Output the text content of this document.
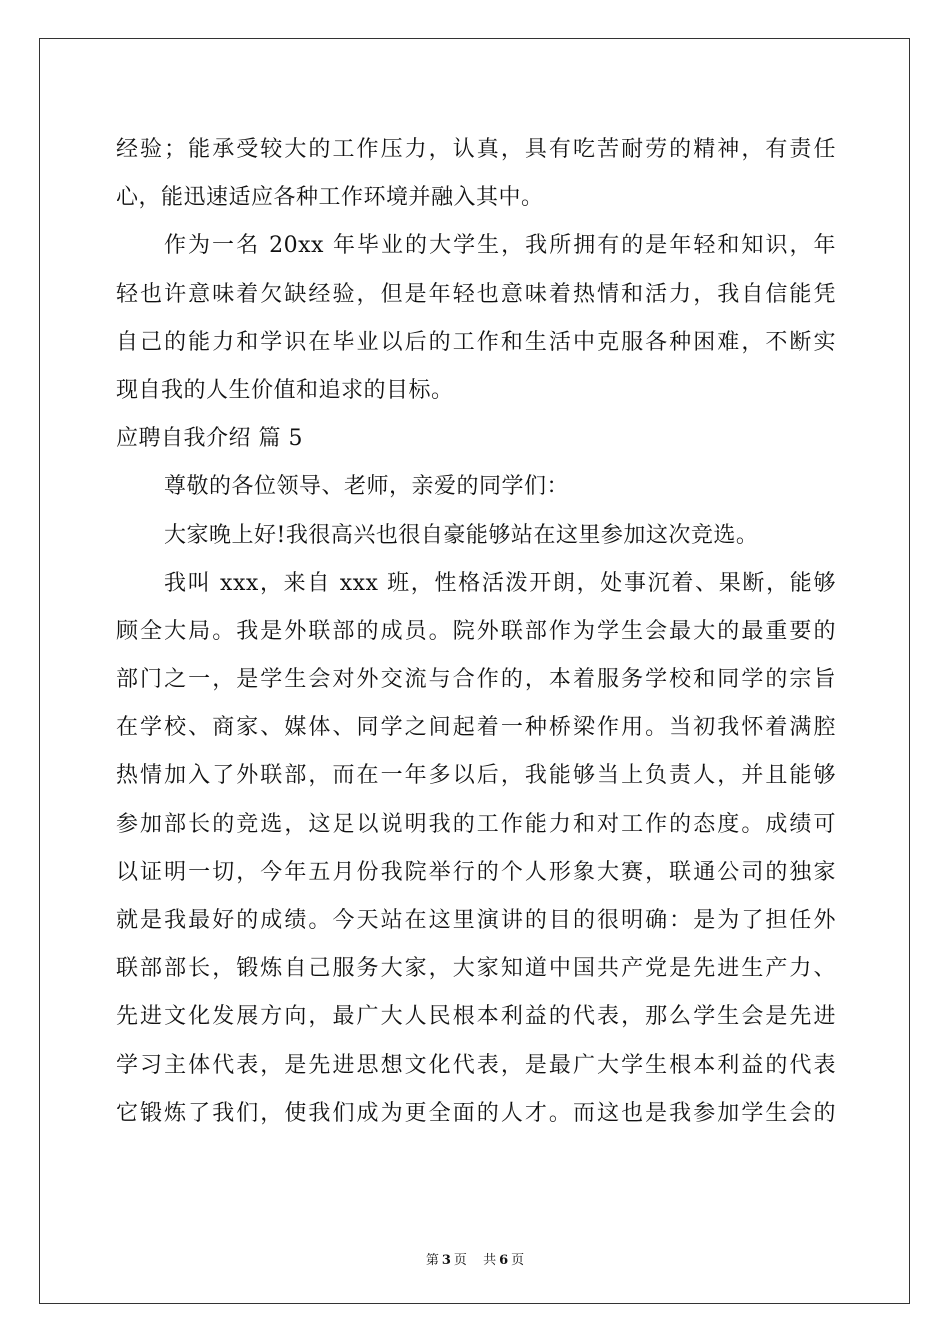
经验；能承受较大的工作压力，认真，具有吃苦耐劳的精神，有责任
心，能迅速适应各种工作环境并融入其中。
作为一名 20xx 年毕业的大学生，我所拥有的是年轻和知识，年
轻也许意味着欠缺经验，但是年轻也意味着热情和活力，我自信能凭
自己的能力和学识在毕业以后的工作和生活中克服各种困难，不断实
现自我的人生价值和追求的目标。
应聘自我介绍 篇 5
尊敬的各位领导、老师，亲爱的同学们：
大家晚上好!我很高兴也很自豪能够站在这里参加这次竞选。
我叫 xxx，来自 xxx 班，性格活泼开朗，处事沉着、果断，能够
顾全大局。我是外联部的成员。院外联部作为学生会最大的最重要的
部门之一，是学生会对外交流与合作的，本着服务学校和同学的宗旨
在学校、商家、媒体、同学之间起着一种桥梁作用。当初我怀着满腔
热情加入了外联部，而在一年多以后，我能够当上负责人，并且能够
参加部长的竞选，这足以说明我的工作能力和对工作的态度。成绩可
以证明一切，今年五月份我院举行的个人形象大赛，联通公司的独家
就是我最好的成绩。今天站在这里演讲的目的很明确：是为了担任外
联部部长，锻炼自己服务大家，大家知道中国共产党是先进生产力、
先进文化发展方向，最广大人民根本利益的代表，那么学生会是先进
学习主体代表，是先进思想文化代表，是最广大学生根本利益的代表
它锻炼了我们，使我们成为更全面的人才。而这也是我参加学生会的
第 3 页 共 6 页
